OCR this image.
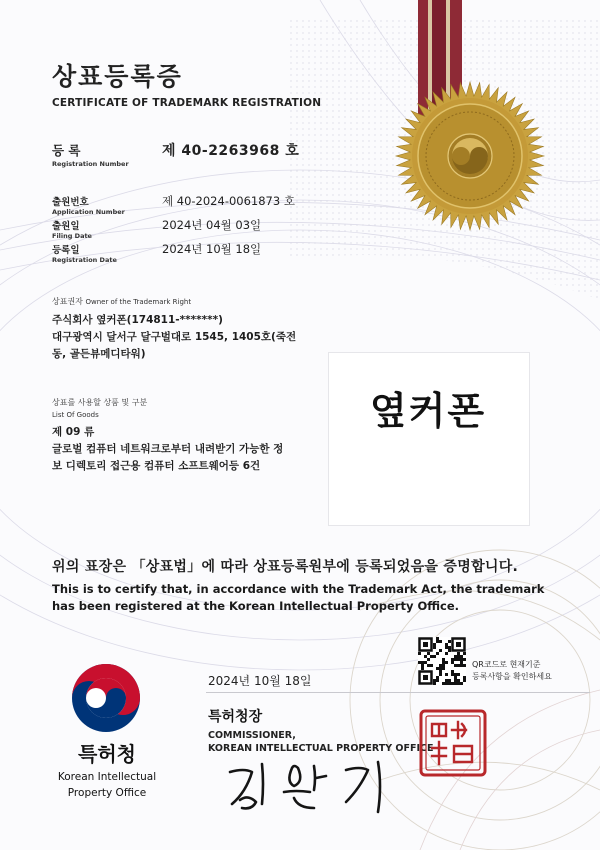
상표등록증
CERTIFICATE OF TRADEMARK REGISTRATION
등 록
Registration Number
제 40-2263968 호
출원번호
Application Number
제 40-2024-0061873 호
출원일
Filing Date
2024년 04월 03일
등록일
Registration Date
2024년 10월 18일
상표권자 Owner of the Trademark Right
주식회사 옆커폰(174811-*******)
대구광역시 달서구 달구벌대로 1545, 1405호(죽전
동, 골든뷰메디타워)
상표를 사용할 상품 및 구분
List Of Goods
제 09 류
글로벌 컴퓨터 네트워크로부터 내려받기 가능한 정
보 디렉토리 접근용 컴퓨터 소프트웨어등 6건
옆커폰
위의 표장은 「상표법」에 따라 상표등록원부에 등록되었음을 증명합니다.
This is to certify that, in accordance with the Trademark Act, the trademark
has been registered at the Korean Intellectual Property Office.
QR코드로 현재기준
등록사항을 확인하세요
2024년 10월 18일
특허청장
COMMISSIONER,
KOREAN INTELLECTUAL PROPERTY OFFICE
특허청
Korean Intellectual
Property Office
